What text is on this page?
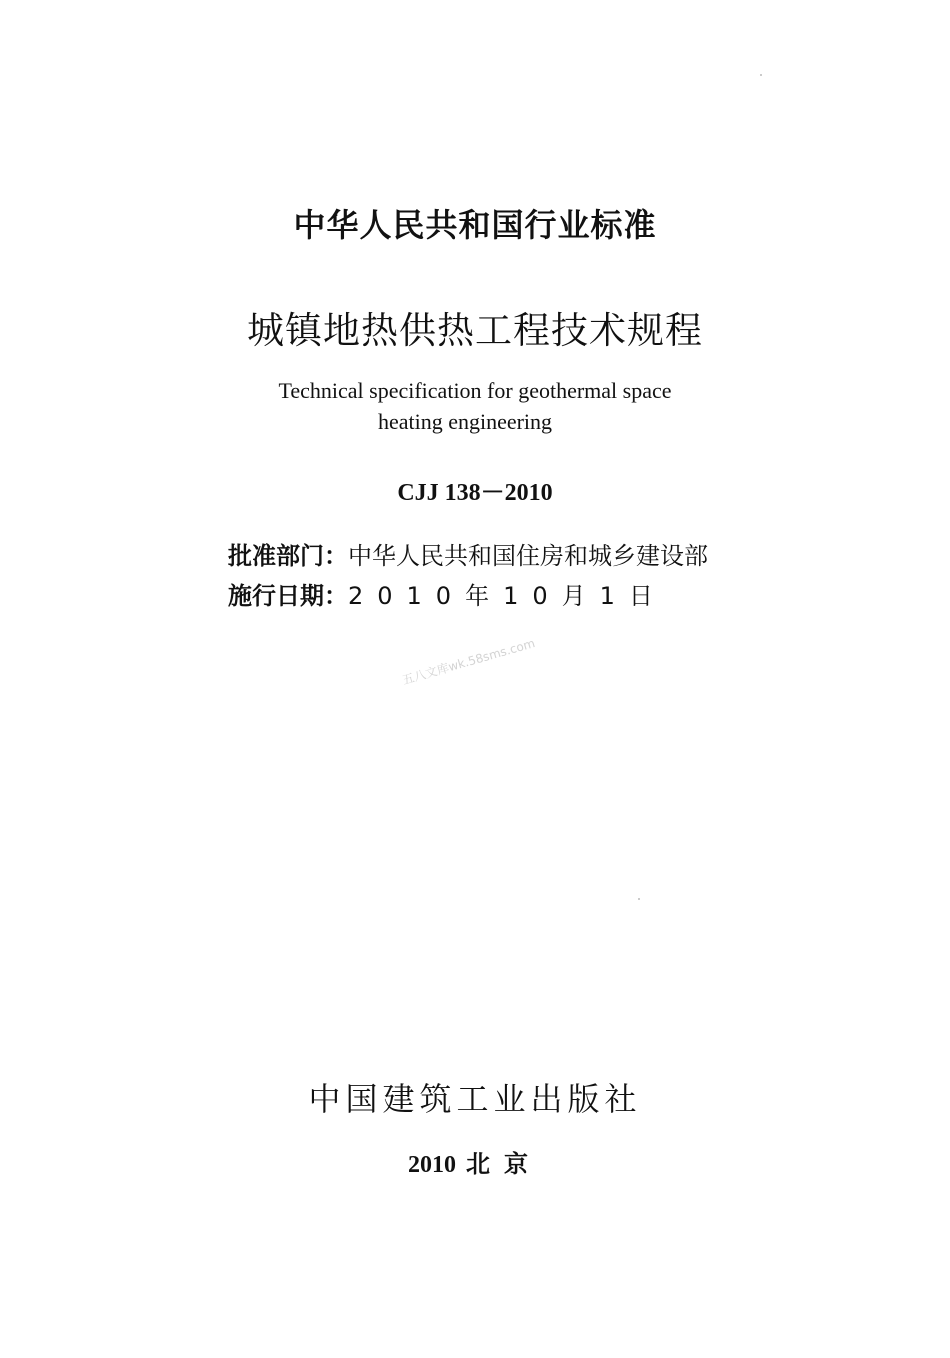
中华人民共和国行业标准
城镇地热供热工程技术规程
Technical specification for geothermal space
heating engineering
CJJ 138－2010
批准部门：中华人民共和国住房和城乡建设部
施行日期：2010年10月1日
五八文库wk.58sms.com
中国建筑工业出版社
2010 北京
